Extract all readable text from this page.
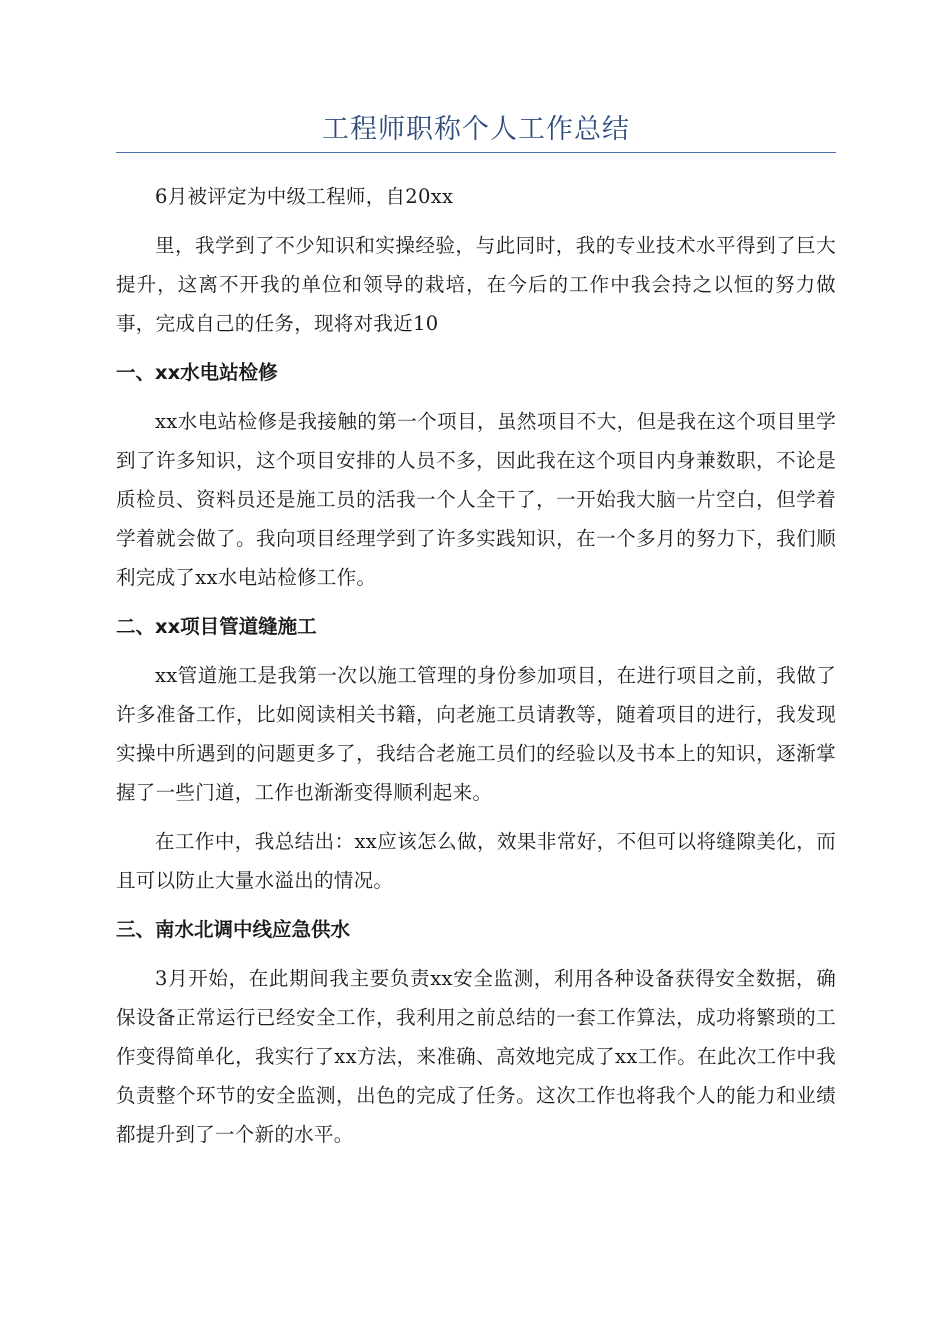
工程师职称个人工作总结

6月被评定为中级工程师，自20xx

里，我学到了不少知识和实操经验，与此同时，我的专业技术水平得到了巨大提升，这离不开我的单位和领导的栽培，在今后的工作中我会持之以恒的努力做事，完成自己的任务，现将对我近10

一、xx水电站检修

xx水电站检修是我接触的第一个项目，虽然项目不大，但是我在这个项目里学到了许多知识，这个项目安排的人员不多，因此我在这个项目内身兼数职，不论是质检员、资料员还是施工员的活我一个人全干了，一开始我大脑一片空白，但学着学着就会做了。我向项目经理学到了许多实践知识，在一个多月的努力下，我们顺利完成了xx水电站检修工作。

二、xx项目管道缝施工

xx管道施工是我第一次以施工管理的身份参加项目，在进行项目之前，我做了许多准备工作，比如阅读相关书籍，向老施工员请教等，随着项目的进行，我发现实操中所遇到的问题更多了，我结合老施工员们的经验以及书本上的知识，逐渐掌握了一些门道，工作也渐渐变得顺利起来。

在工作中，我总结出：xx应该怎么做，效果非常好，不但可以将缝隙美化，而且可以防止大量水溢出的情况。

三、南水北调中线应急供水

3月开始，在此期间我主要负责xx安全监测，利用各种设备获得安全数据，确保设备正常运行已经安全工作，我利用之前总结的一套工作算法，成功将繁琐的工作变得简单化，我实行了xx方法，来准确、高效地完成了xx工作。在此次工作中我负责整个环节的安全监测，出色的完成了任务。这次工作也将我个人的能力和业绩都提升到了一个新的水平。
